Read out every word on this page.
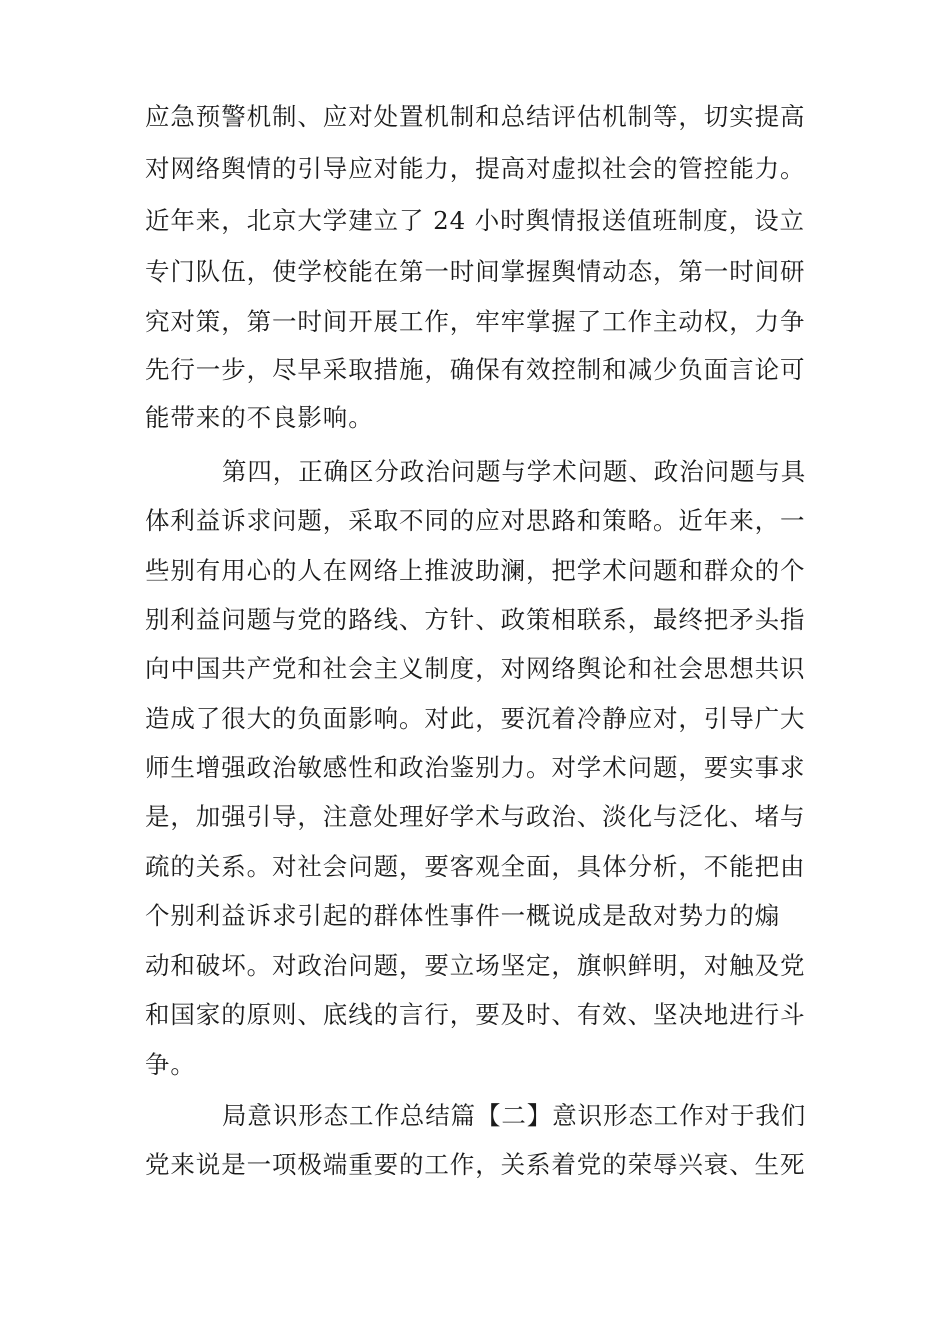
应急预警机制、应对处置机制和总结评估机制等，切实提高
对网络舆情的引导应对能力，提高对虚拟社会的管控能力。
近年来，北京大学建立了 24 小时舆情报送值班制度，设立
专门队伍，使学校能在第一时间掌握舆情动态，第一时间研
究对策，第一时间开展工作，牢牢掌握了工作主动权，力争
先行一步，尽早采取措施，确保有效控制和减少负面言论可
能带来的不良影响。
第四，正确区分政治问题与学术问题、政治问题与具
体利益诉求问题，采取不同的应对思路和策略。近年来，一
些别有用心的人在网络上推波助澜，把学术问题和群众的个
别利益问题与党的路线、方针、政策相联系，最终把矛头指
向中国共产党和社会主义制度，对网络舆论和社会思想共识
造成了很大的负面影响。对此，要沉着冷静应对，引导广大
师生增强政治敏感性和政治鉴别力。对学术问题，要实事求
是，加强引导，注意处理好学术与政治、淡化与泛化、堵与
疏的关系。对社会问题，要客观全面，具体分析，不能把由
个别利益诉求引起的群体性事件一概说成是敌对势力的煽
动和破坏。对政治问题，要立场坚定，旗帜鲜明，对触及党
和国家的原则、底线的言行，要及时、有效、坚决地进行斗
争。
局意识形态工作总结篇【二】意识形态工作对于我们
党来说是一项极端重要的工作，关系着党的荣辱兴衰、生死
